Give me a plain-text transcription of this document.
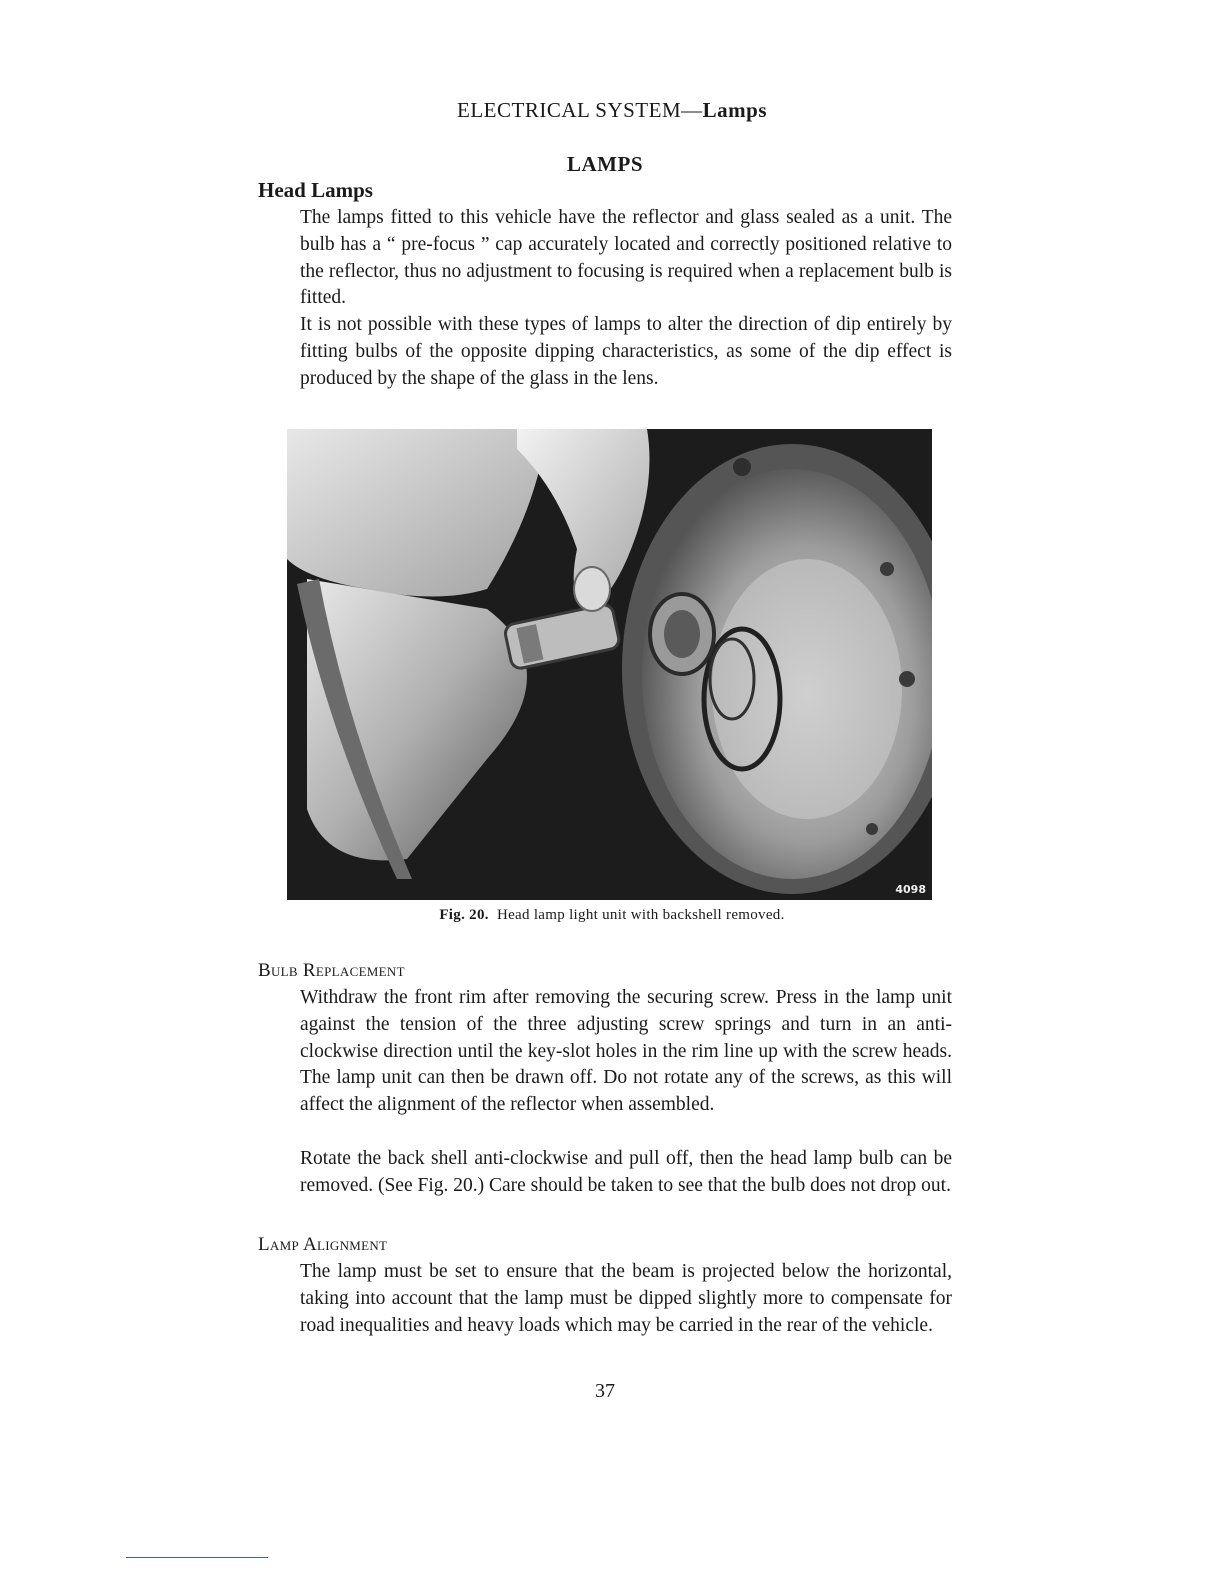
ELECTRICAL SYSTEM—Lamps
LAMPS
Head Lamps

The lamps fitted to this vehicle have the reflector and glass sealed as a unit. The bulb has a “ pre-focus ” cap accurately located and correctly positioned relative to the reflector, thus no adjustment to focusing is required when a replacement bulb is fitted.

It is not possible with these types of lamps to alter the direction of dip entirely by fitting bulbs of the opposite dipping characteristics, as some of the dip effect is produced by the shape of the glass in the lens.

4098
Fig. 20. Head lamp light unit with backshell removed.
Bulb Replacement

Withdraw the front rim after removing the securing screw. Press in the lamp unit against the tension of the three adjusting screw springs and turn in an anti-clockwise direction until the key-slot holes in the rim line up with the screw heads. The lamp unit can then be drawn off. Do not rotate any of the screws, as this will affect the alignment of the reflector when assembled.

Rotate the back shell anti-clockwise and pull off, then the head lamp bulb can be removed. (See Fig. 20.) Care should be taken to see that the bulb does not drop out.

Lamp Alignment

The lamp must be set to ensure that the beam is projected below the horizontal, taking into account that the lamp must be dipped slightly more to compensate for road inequalities and heavy loads which may be carried in the rear of the vehicle.

37
